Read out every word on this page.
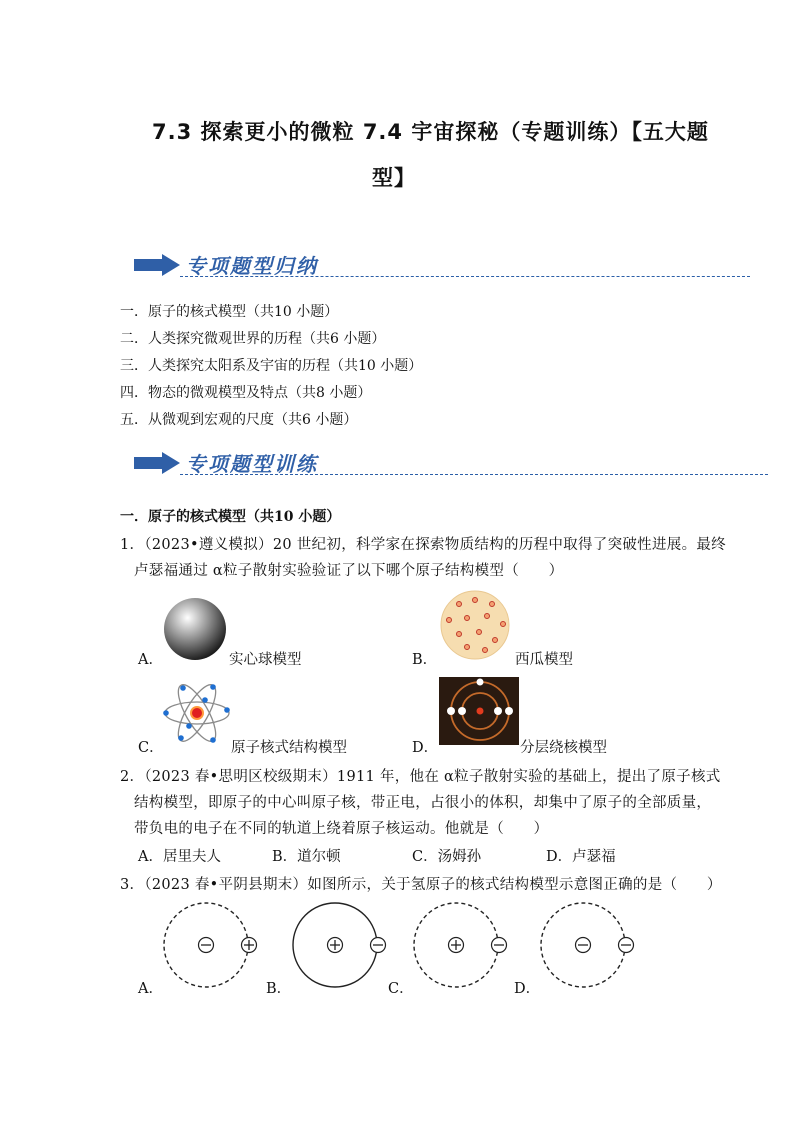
7.3 探索更小的微粒 7.4 宇宙探秘（专题训练）【五大题
型】
专项题型归纳
一．原子的核式模型（共10 小题）
二．人类探究微观世界的历程（共6 小题）
三．人类探究太阳系及宇宙的历程（共10 小题）
四．物态的微观模型及特点（共8 小题）
五．从微观到宏观的尺度（共6 小题）
专项题型训练
一．原子的核式模型（共10 小题）
1．（2023•遵义模拟）20 世纪初，科学家在探索物质结构的历程中取得了突破性进展。最终
卢瑟福通过 α粒子散射实验验证了以下哪个原子结构模型（　　）
A．	实心球模型	B．	西瓜模型
C．	原子核式结构模型	D．	分层绕核模型
2．（2023 春•思明区校级期末）1911 年，他在 α粒子散射实验的基础上，提出了原子核式
结构模型，即原子的中心叫原子核，带正电，占很小的体积，却集中了原子的全部质量，
带负电的电子在不同的轨道上绕着原子核运动。他就是（　　）
A．居里夫人	B．道尔顿	C．汤姆孙	D．卢瑟福
3．（2023 春•平阴县期末）如图所示，关于氢原子的核式结构模型示意图正确的是（　　）
A．	B．	C．	D．
